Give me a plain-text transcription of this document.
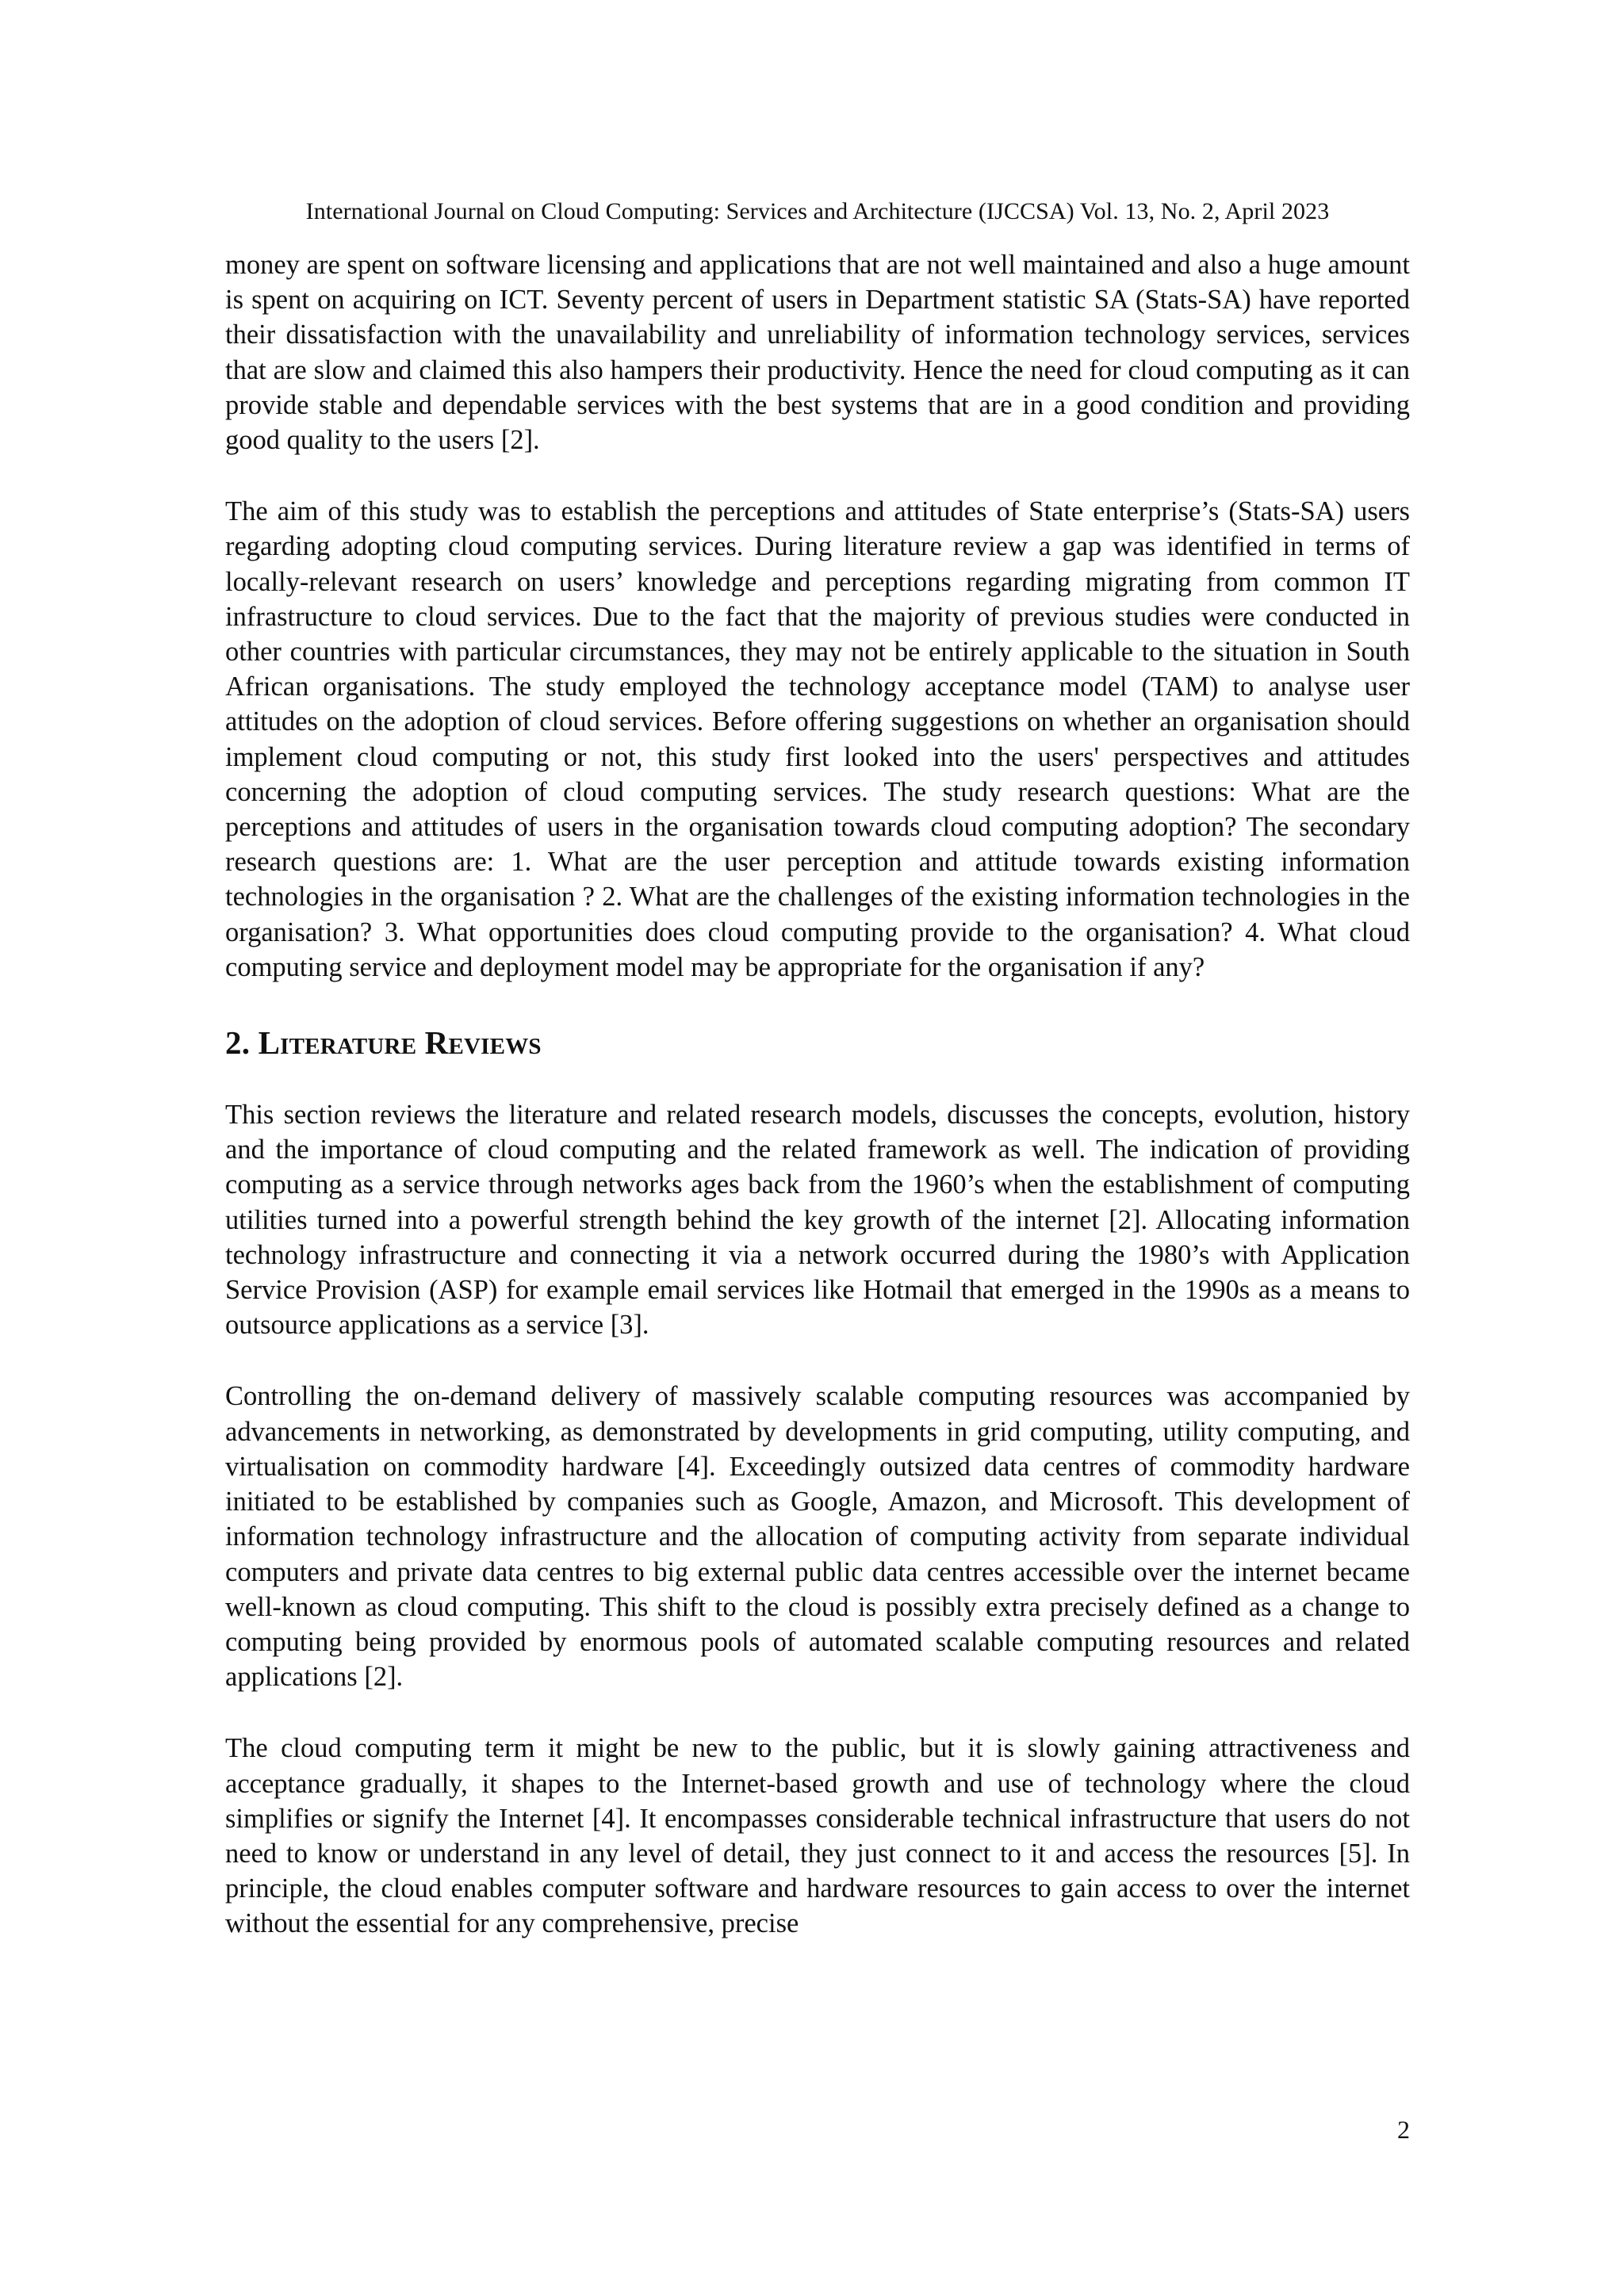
International Journal on Cloud Computing: Services and Architecture (IJCCSA) Vol. 13, No. 2, April 2023

money are spent on software licensing and applications that are not well maintained and also a huge amount is spent on acquiring on ICT. Seventy percent of users in Department statistic SA (Stats-SA) have reported their dissatisfaction with the unavailability and unreliability of information technology services, services that are slow and claimed this also hampers their productivity. Hence the need for cloud computing as it can provide stable and dependable services with the best systems that are in a good condition and providing good quality to the users [2].

The aim of this study was to establish the perceptions and attitudes of State enterprise’s (Stats-SA) users regarding adopting cloud computing services. During literature review a gap was identified in terms of locally-relevant research on users’ knowledge and perceptions regarding migrating from common IT infrastructure to cloud services. Due to the fact that the majority of previous studies were conducted in other countries with particular circumstances, they may not be entirely applicable to the situation in South African organisations. The study employed the technology acceptance model (TAM) to analyse user attitudes on the adoption of cloud services. Before offering suggestions on whether an organisation should implement cloud computing or not, this study first looked into the users' perspectives and attitudes concerning the adoption of cloud computing services. The study research questions: What are the perceptions and attitudes of users in the organisation towards cloud computing adoption? The secondary research questions are: 1. What are the user perception and attitude towards existing information technologies in the organisation ? 2. What are the challenges of the existing information technologies in the organisation? 3. What opportunities does cloud computing provide to the organisation? 4. What cloud computing service and deployment model may be appropriate for the organisation if any?

2. Literature Reviews

This section reviews the literature and related research models, discusses the concepts, evolution, history and the importance of cloud computing and the related framework as well. The indication of providing computing as a service through networks ages back from the 1960’s when the establishment of computing utilities turned into a powerful strength behind the key growth of the internet [2]. Allocating information technology infrastructure and connecting it via a network occurred during the 1980’s with Application Service Provision (ASP) for example email services like Hotmail that emerged in the 1990s as a means to outsource applications as a service [3].

Controlling the on-demand delivery of massively scalable computing resources was accompanied by advancements in networking, as demonstrated by developments in grid computing, utility computing, and virtualisation on commodity hardware [4]. Exceedingly outsized data centres of commodity hardware initiated to be established by companies such as Google, Amazon, and Microsoft. This development of information technology infrastructure and the allocation of computing activity from separate individual computers and private data centres to big external public data centres accessible over the internet became well-known as cloud computing. This shift to the cloud is possibly extra precisely defined as a change to computing being provided by enormous pools of automated scalable computing resources and related applications [2].

The cloud computing term it might be new to the public, but it is slowly gaining attractiveness and acceptance gradually, it shapes to the Internet-based growth and use of technology where the cloud simplifies or signify the Internet [4]. It encompasses considerable technical infrastructure that users do not need to know or understand in any level of detail, they just connect to it and access the resources [5]. In principle, the cloud enables computer software and hardware resources to gain access to over the internet without the essential for any comprehensive, precise

2
